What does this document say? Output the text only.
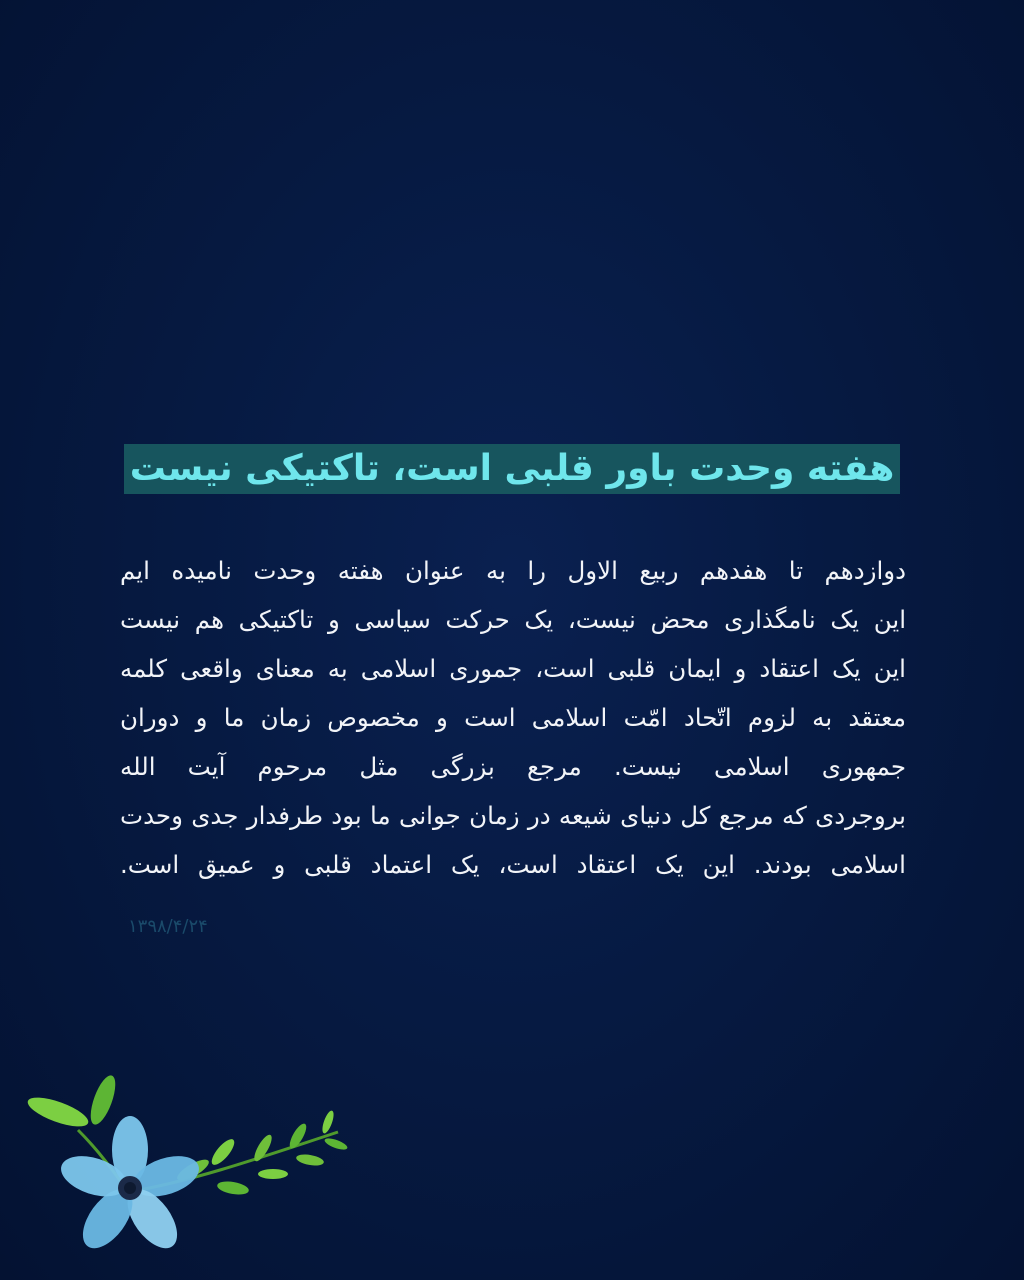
هفته وحدت باور قلبی است، تاکتیکی نیست
دوازدهم تا هفدهم ربیع الاول را به عنوان هفته وحدت نامیده ایم
این یک نامگذاری محض نیست، یک حرکت سیاسی و تاکتیکی هم نیست
این یک اعتقاد و ایمان قلبی است، جموری اسلامی به معنای واقعی کلمه
معتقد به لزوم اتّحاد امّت اسلامی است و مخصوص زمان ما و دوران
جمهوری اسلامی نیست. مرجع بزرگی مثل مرحوم آیت الله
بروجردی که مرجع کل دنیای شیعه در زمان جوانی ما بود طرفدار جدی وحدت
اسلامی بودند. این یک اعتقاد است، یک اعتماد قلبی و عمیق است.
۱۳۹۸/۴/۲۴
